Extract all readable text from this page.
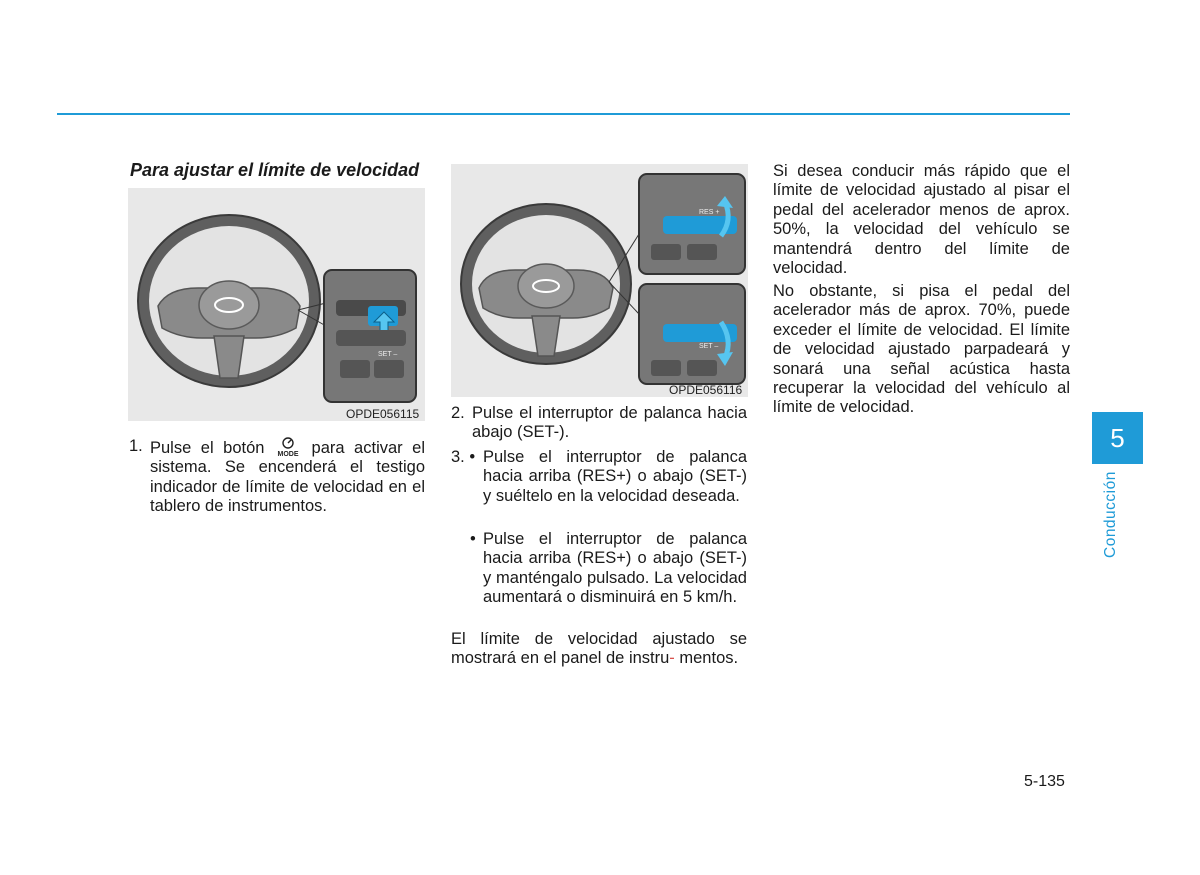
Para ajustar el límite de velocidad
SET –
OPDE056115
RES +
SET –
OPDE056116
1. Pulse el botón MODE para activar el sistema. Se encenderá el testigo indicador de límite de velocidad en el tablero de instrumentos.
2. Pulse el interruptor de palanca hacia abajo (SET-).
3. • Pulse el interruptor de palanca hacia arriba (RES+) o abajo (SET-) y suéltelo en la velocidad deseada.
• Pulse el interruptor de palanca hacia arriba (RES+) o abajo (SET-) y manténgalo pulsado. La velocidad aumentará o disminuirá en 5 km/h.
El límite de velocidad ajustado se mostrará en el panel de instru- mentos.
Si desea conducir más rápido que el límite de velocidad ajustado al pisar el pedal del acelerador menos de aprox. 50%, la velocidad del vehículo se mantendrá dentro del límite de velocidad.
No obstante, si pisa el pedal del acelerador más de aprox. 70%, puede exceder el límite de velocidad. El límite de velocidad ajustado parpadeará y sonará una señal acústica hasta recuperar la velocidad del vehículo al límite de velocidad.
5
Conducción
5-135
